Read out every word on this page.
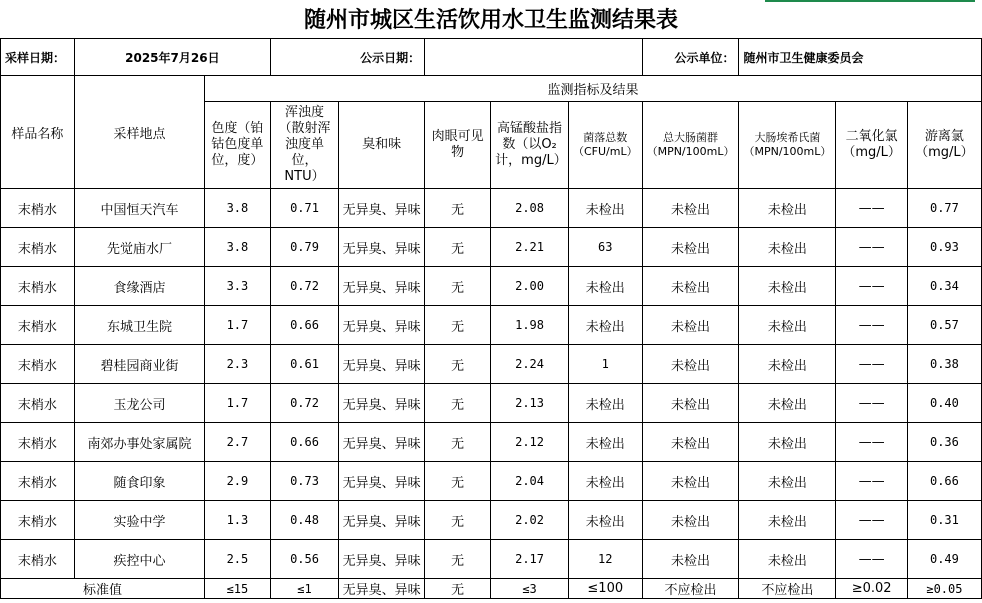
随州市城区生活饮用水卫生监测结果表
采样日期：	2025年7月26日		公示日期：					公示单位：	随州市卫生健康委员会		
样品名称	采样地点	监测指标及结果									
		色度（铂钴色度单位，度）	浑浊度（散射浑浊度单位，NTU）	臭和味	肉眼可见物	高锰酸盐指数（以O₂计，mg/L）	菌落总数（CFU/mL）	总大肠菌群（MPN/100mL）	大肠埃希氏菌（MPN/100mL）	二氧化氯（mg/L）	游离氯（mg/L）
末梢水	中国恒天汽车	3.8	0.71	无异臭、异味	无	2.08	未检出	未检出	未检出	——	0.77
末梢水	先觉庙水厂	3.8	0.79	无异臭、异味	无	2.21	63	未检出	未检出	——	0.93
末梢水	食缘酒店	3.3	0.72	无异臭、异味	无	2.00	未检出	未检出	未检出	——	0.34
末梢水	东城卫生院	1.7	0.66	无异臭、异味	无	1.98	未检出	未检出	未检出	——	0.57
末梢水	碧桂园商业街	2.3	0.61	无异臭、异味	无	2.24	1	未检出	未检出	——	0.38
末梢水	玉龙公司	1.7	0.72	无异臭、异味	无	2.13	未检出	未检出	未检出	——	0.40
末梢水	南郊办事处家属院	2.7	0.66	无异臭、异味	无	2.12	未检出	未检出	未检出	——	0.36
末梢水	随食印象	2.9	0.73	无异臭、异味	无	2.04	未检出	未检出	未检出	——	0.66
末梢水	实验中学	1.3	0.48	无异臭、异味	无	2.02	未检出	未检出	未检出	——	0.31
末梢水	疾控中心	2.5	0.56	无异臭、异味	无	2.17	12	未检出	未检出	——	0.49
标准值		≤15	≤1	无异臭、异味	无	≤3	≤100	不应检出	不应检出	≥0.02	≥0.05
